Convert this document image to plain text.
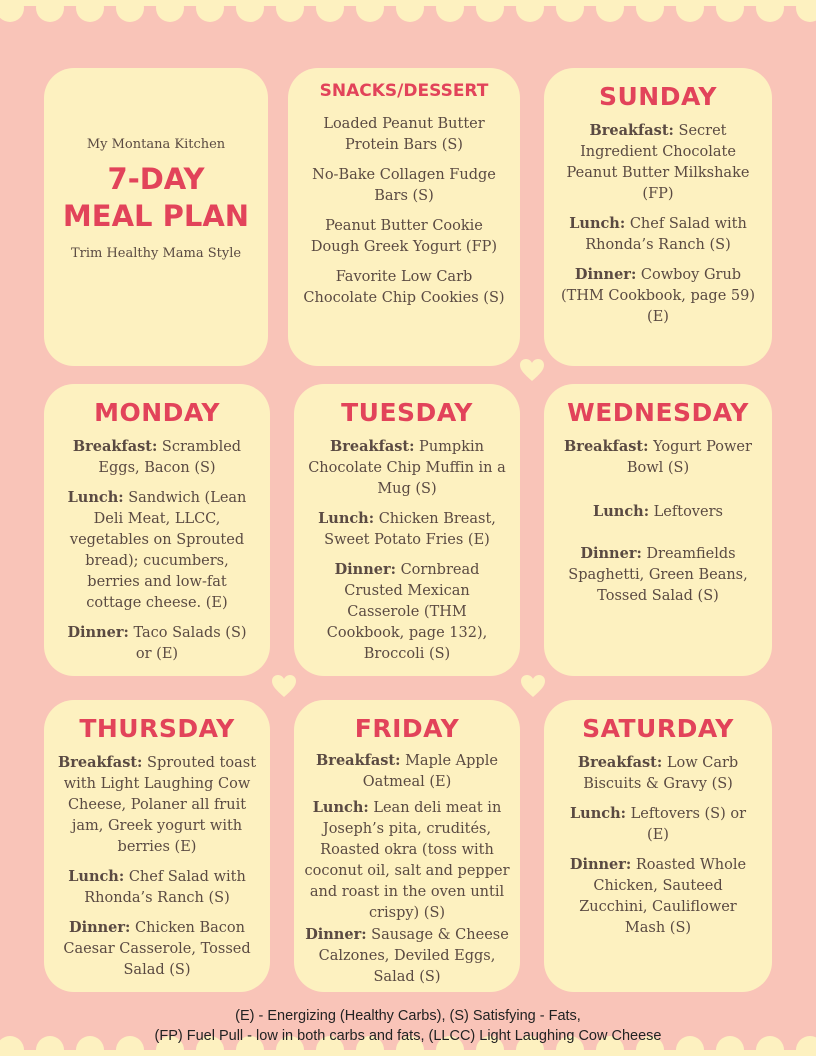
My Montana Kitchen
7-DAY MEAL PLAN
Trim Healthy Mama Style
SNACKS/DESSERT
Loaded Peanut Butter Protein Bars (S)
No-Bake Collagen Fudge Bars (S)
Peanut Butter Cookie Dough Greek Yogurt (FP)
Favorite Low Carb Chocolate Chip Cookies (S)
SUNDAY
Breakfast: Secret Ingredient Chocolate Peanut Butter Milkshake (FP)
Lunch: Chef Salad with Rhonda’s Ranch (S)
Dinner: Cowboy Grub (THM Cookbook, page 59) (E)
MONDAY
Breakfast: Scrambled Eggs, Bacon (S)
Lunch: Sandwich (Lean Deli Meat, LLCC, vegetables on Sprouted bread); cucumbers, berries and low-fat cottage cheese. (E)
Dinner: Taco Salads (S) or (E)
TUESDAY
Breakfast: Pumpkin Chocolate Chip Muffin in a Mug (S)
Lunch: Chicken Breast, Sweet Potato Fries (E)
Dinner: Cornbread Crusted Mexican Casserole (THM Cookbook, page 132), Broccoli (S)
WEDNESDAY
Breakfast: Yogurt Power Bowl (S)
Lunch: Leftovers
Dinner: Dreamfields Spaghetti, Green Beans, Tossed Salad (S)
THURSDAY
Breakfast: Sprouted toast with Light Laughing Cow Cheese, Polaner all fruit jam, Greek yogurt with berries (E)
Lunch: Chef Salad with Rhonda’s Ranch (S)
Dinner: Chicken Bacon Caesar Casserole, Tossed Salad (S)
FRIDAY
Breakfast: Maple Apple Oatmeal (E)
Lunch: Lean deli meat in Joseph’s pita, crudités, Roasted okra (toss with coconut oil, salt and pepper and roast in the oven until crispy) (S)
Dinner: Sausage & Cheese Calzones, Deviled Eggs, Salad (S)
SATURDAY
Breakfast: Low Carb Biscuits & Gravy (S)
Lunch: Leftovers (S) or (E)
Dinner: Roasted Whole Chicken, Sauteed Zucchini, Cauliflower Mash (S)
(E) - Energizing (Healthy Carbs), (S) Satisfying - Fats,
(FP) Fuel Pull - low in both carbs and fats, (LLCC) Light Laughing Cow Cheese
